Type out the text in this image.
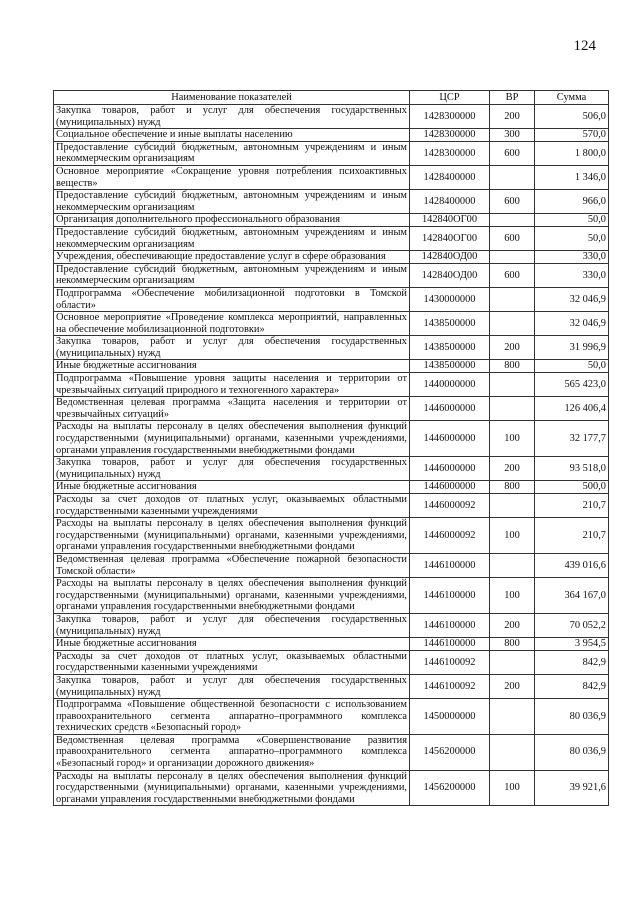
124
Наименование показателей	ЦСР	ВР	Сумма
Закупка товаров, работ и услуг для обеспечения государственных (муниципальных) нужд	1428300000	200	506,0
Социальное обеспечение и иные выплаты населению	1428300000	300	570,0
Предоставление субсидий бюджетным, автономным учреждениям и иным некоммерческим организациям	1428300000	600	1 800,0
Основное мероприятие «Сокращение уровня потребления психоактивных веществ»	1428400000		1 346,0
Предоставление субсидий бюджетным, автономным учреждениям и иным некоммерческим организациям	1428400000	600	966,0
Организация дополнительного профессионального образования	142840ОГ00		50,0
Предоставление субсидий бюджетным, автономным учреждениям и иным некоммерческим организациям	142840ОГ00	600	50,0
Учреждения, обеспечивающие предоставление услуг в сфере образования	142840ОД00		330,0
Предоставление субсидий бюджетным, автономным учреждениям и иным некоммерческим организациям	142840ОД00	600	330,0
Подпрограмма «Обеспечение мобилизационной подготовки в Томской области»	1430000000		32 046,9
Основное мероприятие «Проведение комплекса мероприятий, направленных на обеспечение мобилизационной подготовки»	1438500000		32 046,9
Закупка товаров, работ и услуг для обеспечения государственных (муниципальных) нужд	1438500000	200	31 996,9
Иные бюджетные ассигнования	1438500000	800	50,0
Подпрограмма «Повышение уровня защиты населения и территории от чрезвычайных ситуаций природного и техногенного характера»	1440000000		565 423,0
Ведомственная целевая программа «Защита населения и территории от чрезвычайных ситуаций»	1446000000		126 406,4
Расходы на выплаты персоналу в целях обеспечения выполнения функций государственными (муниципальными) органами, казенными учреждениями, органами управления государственными внебюджетными фондами	1446000000	100	32 177,7
Закупка товаров, работ и услуг для обеспечения государственных (муниципальных) нужд	1446000000	200	93 518,0
Иные бюджетные ассигнования	1446000000	800	500,0
Расходы за счет доходов от платных услуг, оказываемых областными государственными казенными учреждениями	1446000092		210,7
Расходы на выплаты персоналу в целях обеспечения выполнения функций государственными (муниципальными) органами, казенными учреждениями, органами управления государственными внебюджетными фондами	1446000092	100	210,7
Ведомственная целевая программа «Обеспечение пожарной безопасности Томской области»	1446100000		439 016,6
Расходы на выплаты персоналу в целях обеспечения выполнения функций государственными (муниципальными) органами, казенными учреждениями, органами управления государственными внебюджетными фондами	1446100000	100	364 167,0
Закупка товаров, работ и услуг для обеспечения государственных (муниципальных) нужд	1446100000	200	70 052,2
Иные бюджетные ассигнования	1446100000	800	3 954,5
Расходы за счет доходов от платных услуг, оказываемых областными государственными казенными учреждениями	1446100092		842,9
Закупка товаров, работ и услуг для обеспечения государственных (муниципальных) нужд	1446100092	200	842,9
Подпрограмма «Повышение общественной безопасности с использованием правоохранительного сегмента аппаратно–программного комплекса технических средств «Безопасный город»	1450000000		80 036,9
Ведомственная целевая программа «Совершенствование развития правоохранительного сегмента аппаратно–программного комплекса «Безопасный город» и организации дорожного движения»	1456200000		80 036,9
Расходы на выплаты персоналу в целях обеспечения выполнения функций государственными (муниципальными) органами, казенными учреждениями, органами управления государственными внебюджетными фондами	1456200000	100	39 921,6
